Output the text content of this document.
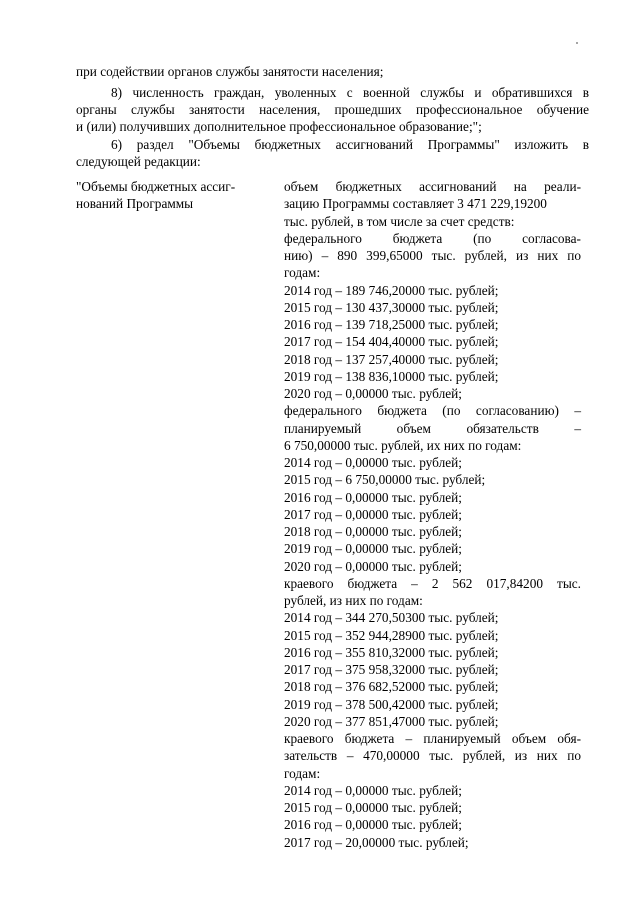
при содействии органов службы занятости населения;
8) численность граждан, уволенных с военной службы и обратившихся в
органы службы занятости населения, прошедших профессиональное обучение
и (или) получивших дополнительное профессиональное образование;";
6) раздел "Объемы бюджетных ассигнований Программы" изложить в
следующей редакции:
"Объемы бюджетных ассиг-
нований Программы
объем бюджетных ассигнований на реали-
зацию Программы составляет 3 471 229,19200
тыс. рублей, в том числе за счет средств:
федерального бюджета (по согласова-
нию) – 890 399,65000 тыс. рублей, из них по
годам:
2014 год – 189 746,20000 тыс. рублей;
2015 год – 130 437,30000 тыс. рублей;
2016 год – 139 718,25000 тыс. рублей;
2017 год – 154 404,40000 тыс. рублей;
2018 год – 137 257,40000 тыс. рублей;
2019 год – 138 836,10000 тыс. рублей;
2020 год – 0,00000 тыс. рублей;
федерального бюджета (по согласованию) –
планируемый объем обязательств –
6 750,00000 тыс. рублей, их них по годам:
2014 год – 0,00000 тыс. рублей;
2015 год – 6 750,00000 тыс. рублей;
2016 год – 0,00000 тыс. рублей;
2017 год – 0,00000 тыс. рублей;
2018 год – 0,00000 тыс. рублей;
2019 год – 0,00000 тыс. рублей;
2020 год – 0,00000 тыс. рублей;
краевого бюджета – 2 562 017,84200 тыс.
рублей, из них по годам:
2014 год – 344 270,50300 тыс. рублей;
2015 год – 352 944,28900 тыс. рублей;
2016 год – 355 810,32000 тыс. рублей;
2017 год – 375 958,32000 тыс. рублей;
2018 год – 376 682,52000 тыс. рублей;
2019 год – 378 500,42000 тыс. рублей;
2020 год – 377 851,47000 тыс. рублей;
краевого бюджета – планируемый объем обя-
зательств – 470,00000 тыс. рублей, из них по
годам:
2014 год – 0,00000 тыс. рублей;
2015 год – 0,00000 тыс. рублей;
2016 год – 0,00000 тыс. рублей;
2017 год – 20,00000 тыс. рублей;
